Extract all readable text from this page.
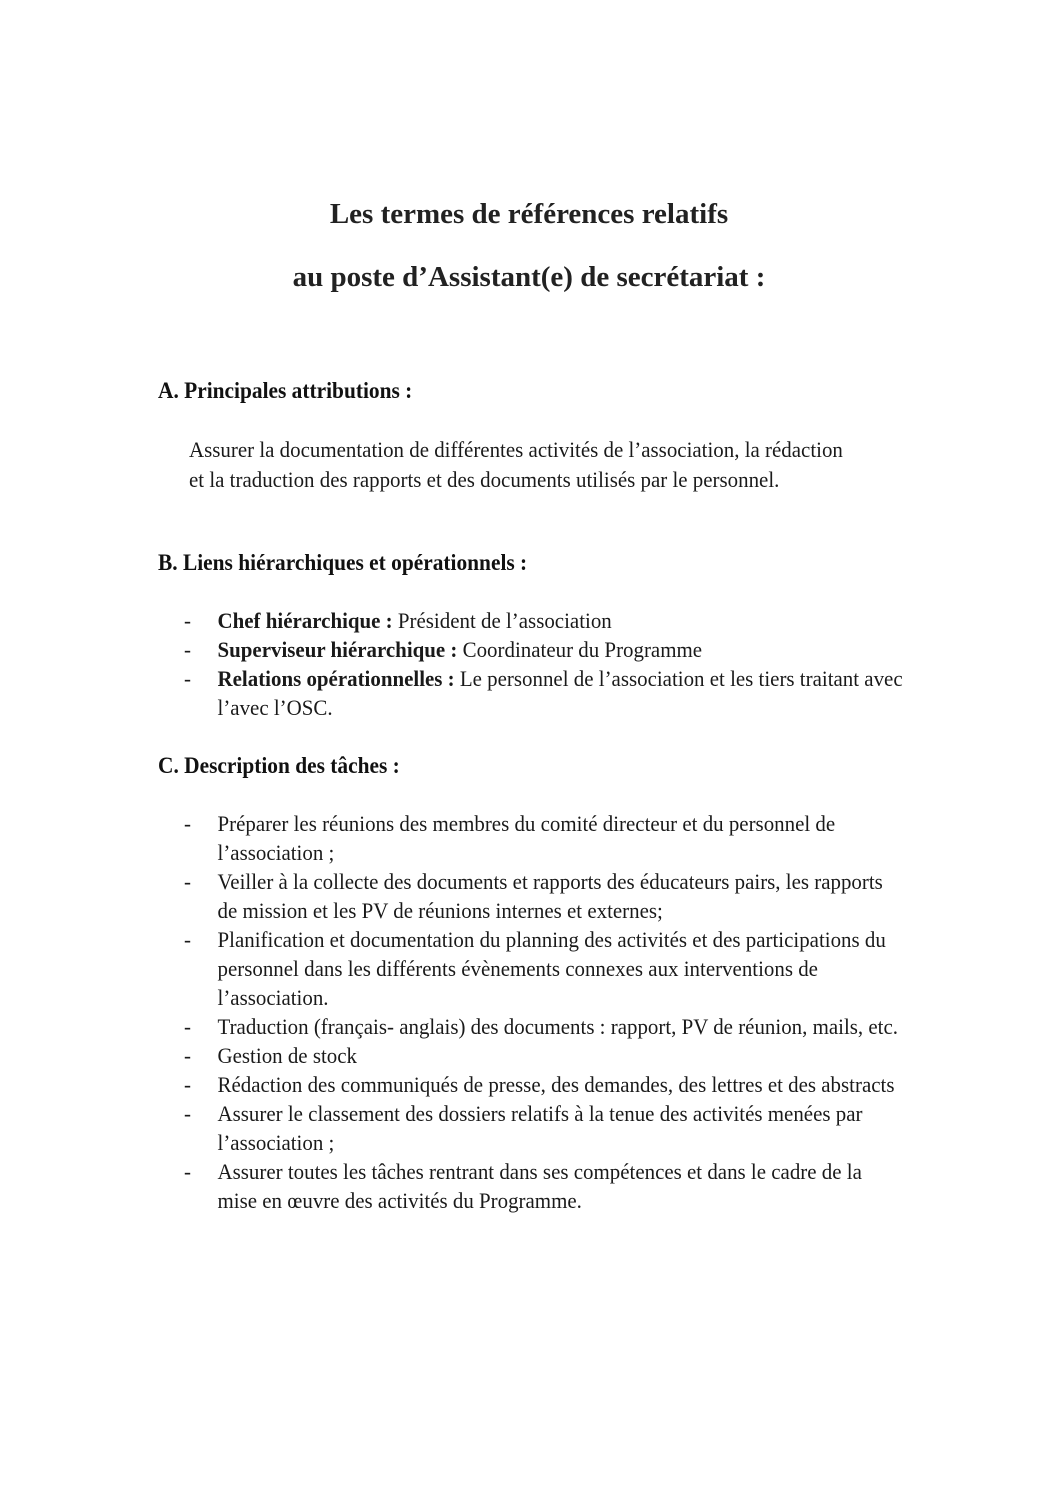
Les termes de références relatifs
au poste d’Assistant(e) de secrétariat :
A. Principales attributions :
Assurer la documentation de différentes activités de l’association, la rédaction et la traduction des rapports et des documents utilisés par le personnel.
B. Liens hiérarchiques et opérationnels :
- Chef hiérarchique : Président de l’association
- Superviseur hiérarchique : Coordinateur du Programme
- Relations opérationnelles : Le personnel de l’association et les tiers traitant avec l’avec l’OSC.
C. Description des tâches :
- Préparer les réunions des membres du comité directeur et du personnel de l’association ;
- Veiller à la collecte des documents et rapports des éducateurs pairs, les rapports de mission et les PV de réunions internes et externes;
- Planification et documentation du planning des activités et des participations du personnel dans les différents évènements connexes aux interventions de l’association.
- Traduction (français- anglais) des documents : rapport, PV de réunion, mails, etc.
- Gestion de stock
- Rédaction des communiqués de presse, des demandes, des lettres et des abstracts
- Assurer le classement des dossiers relatifs à la tenue des activités menées par l’association ;
- Assurer toutes les tâches rentrant dans ses compétences et dans le cadre de la mise en œuvre des activités du Programme.
